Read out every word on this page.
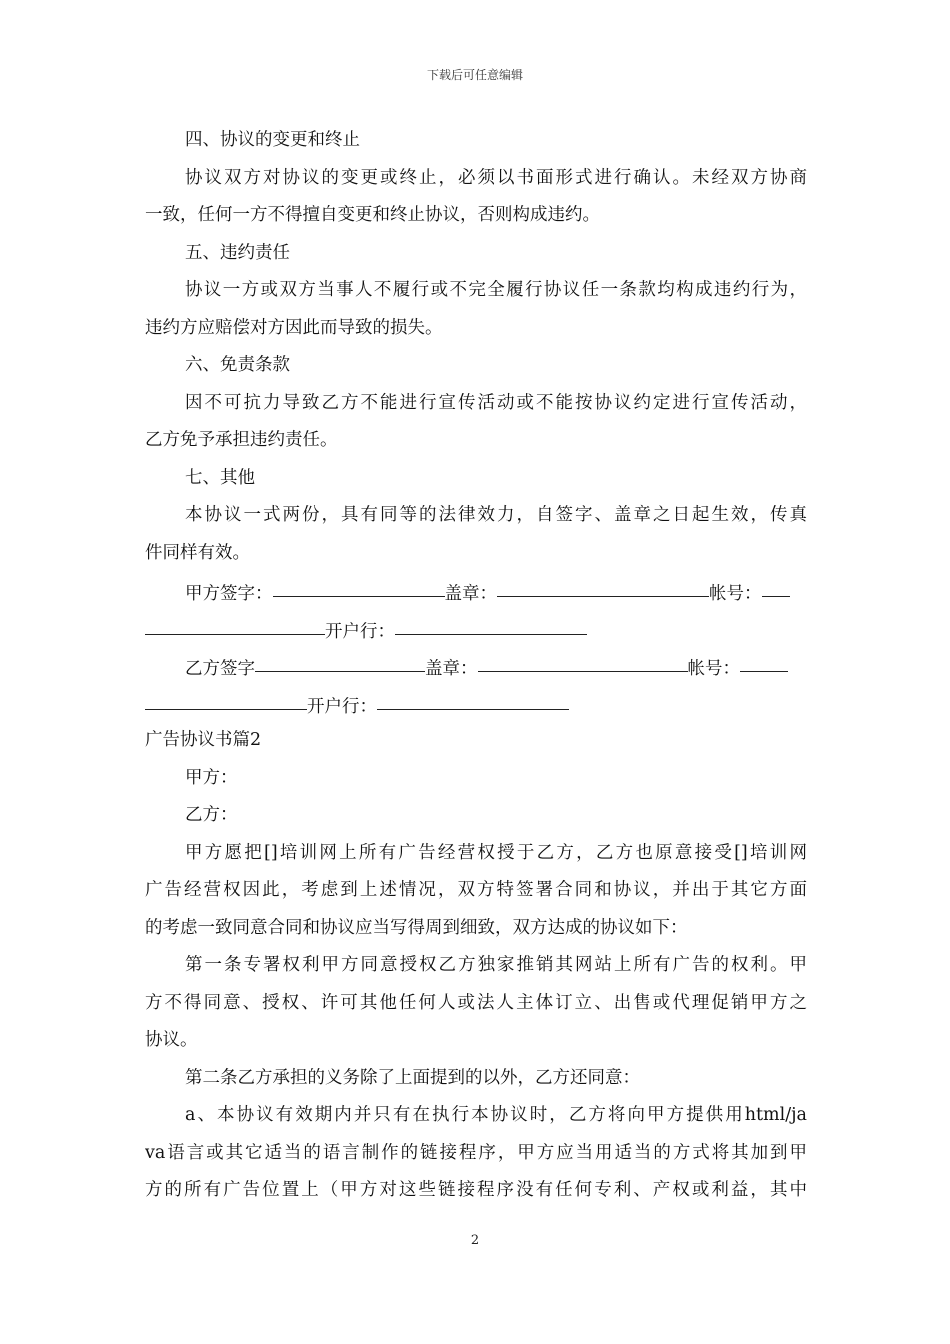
下载后可任意编辑
四、协议的变更和终止
协议双方对协议的变更或终止，必须以书面形式进行确认。未经双方协商
一致，任何一方不得擅自变更和终止协议，否则构成违约。
五、违约责任
协议一方或双方当事人不履行或不完全履行协议任一条款均构成违约行为，
违约方应赔偿对方因此而导致的损失。
六、免责条款
因不可抗力导致乙方不能进行宣传活动或不能按协议约定进行宣传活动，
乙方免予承担违约责任。
七、其他
本协议一式两份，具有同等的法律效力，自签字、盖章之日起生效，传真
件同样有效。
甲方签字：	盖章：	帐号：
开户行：
乙方签字	盖章：	帐号：
开户行：
广告协议书篇2
甲方：
乙方：
甲方愿把[]培训网上所有广告经营权授于乙方，乙方也原意接受[]培训网
广告经营权因此，考虑到上述情况，双方特签署合同和协议，并出于其它方面
的考虑一致同意合同和协议应当写得周到细致，双方达成的协议如下：
第一条专署权利甲方同意授权乙方独家推销其网站上所有广告的权利。甲
方不得同意、授权、许可其他任何人或法人主体订立、出售或代理促销甲方之
协议。
第二条乙方承担的义务除了上面提到的以外，乙方还同意：
a、本协议有效期内并只有在执行本协议时，乙方将向甲方提供用html/ja
va语言或其它适当的语言制作的链接程序，甲方应当用适当的方式将其加到甲
方的所有广告位置上（甲方对这些链接程序没有任何专利、产权或利益，其中
2
